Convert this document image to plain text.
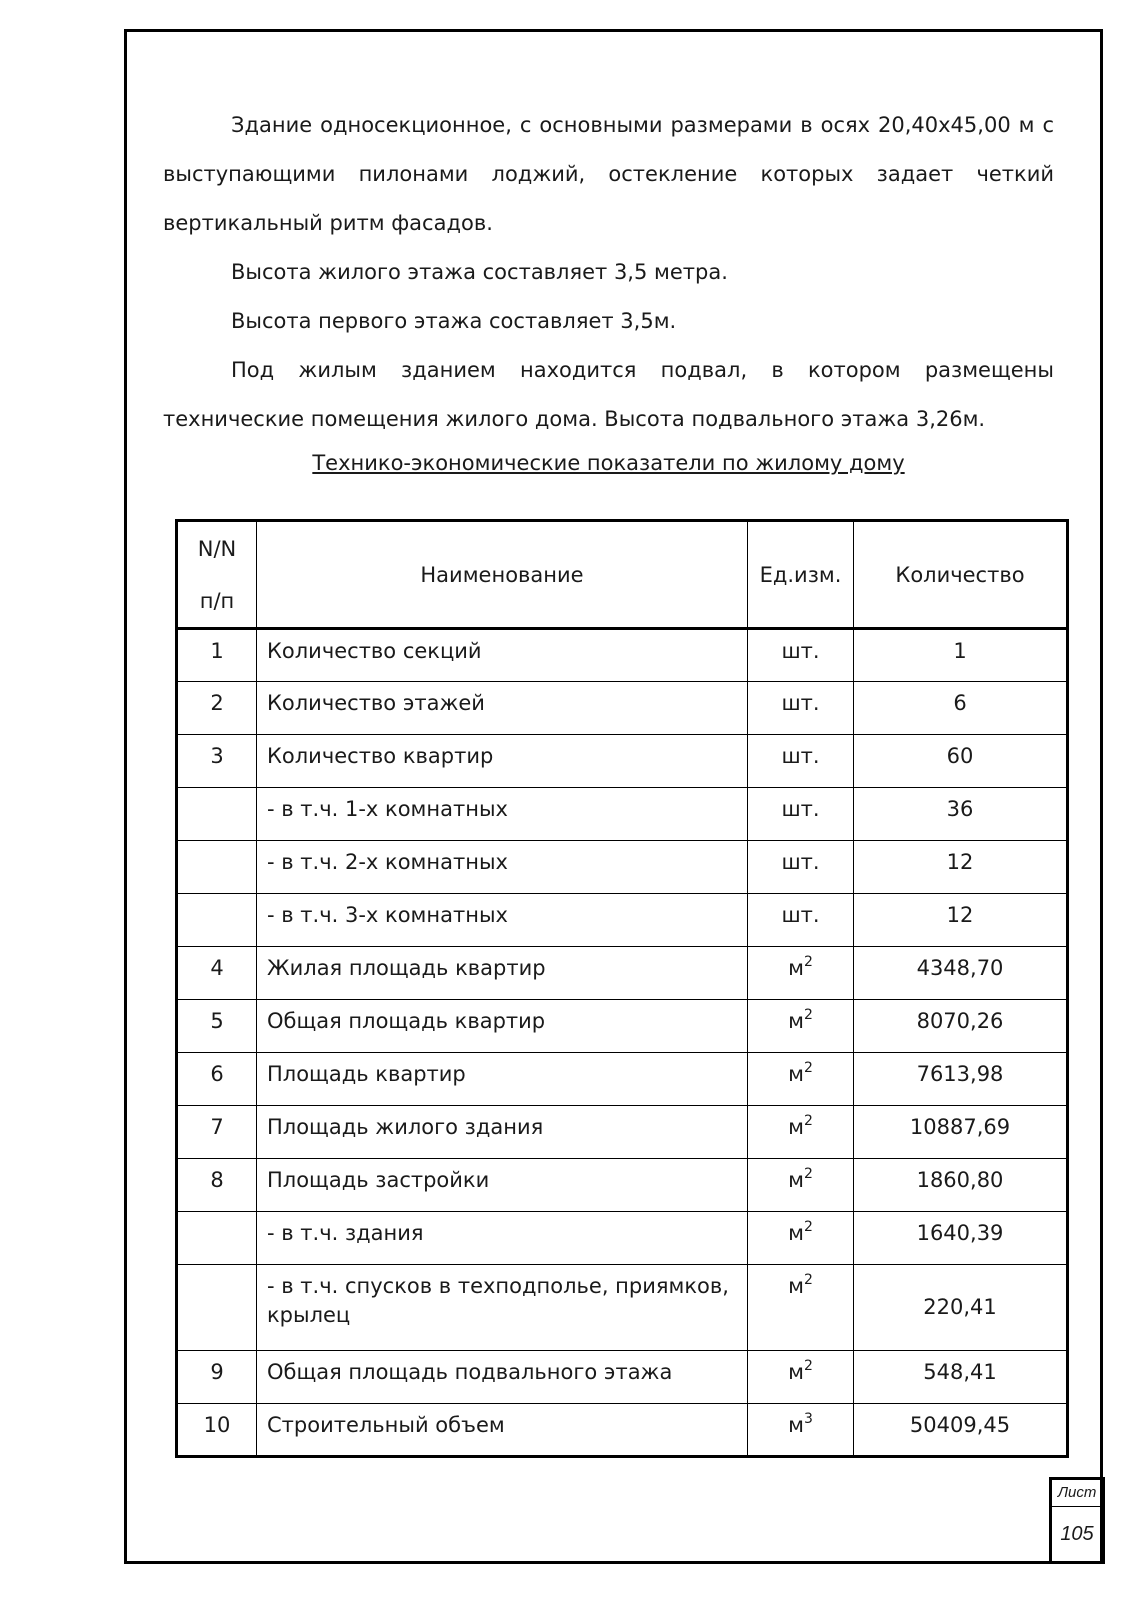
Здание односекционное, с основными размерами в осях 20,40х45,00 м с выступающими пилонами лоджий, остекление которых задает четкий вертикальный ритм фасадов.

Высота жилого этажа составляет 3,5 метра.

Высота первого этажа составляет 3,5м.

Под жилым зданием находится подвал, в котором размещены технические помещения жилого дома. Высота подвального этажа 3,26м.

Технико-экономические показатели по жилому дому
N/N
п/п	Наименование	Ед.изм.	Количество
1	Количество секций	шт.	1
2	Количество этажей	шт.	6
3	Количество квартир	шт.	60
	- в т.ч. 1-х комнатных	шт.	36
	- в т.ч. 2-х комнатных	шт.	12
	- в т.ч. 3-х комнатных	шт.	12
4	Жилая площадь квартир	$м^2$	4348,70
5	Общая площадь квартир	$м^2$	8070,26
6	Площадь квартир	$м^2$	7613,98
7	Площадь жилого здания	$м^2$	10887,69
8	Площадь застройки	$м^2$	1860,80
	- в т.ч. здания	$м^2$	1640,39
	- в т.ч. спусков в техподполье, приямков, крылец	$м^2$	220,41
9	Общая площадь подвального этажа	$м^2$	548,41
10	Строительный объем	$м^3$	50409,45
Лист
105
